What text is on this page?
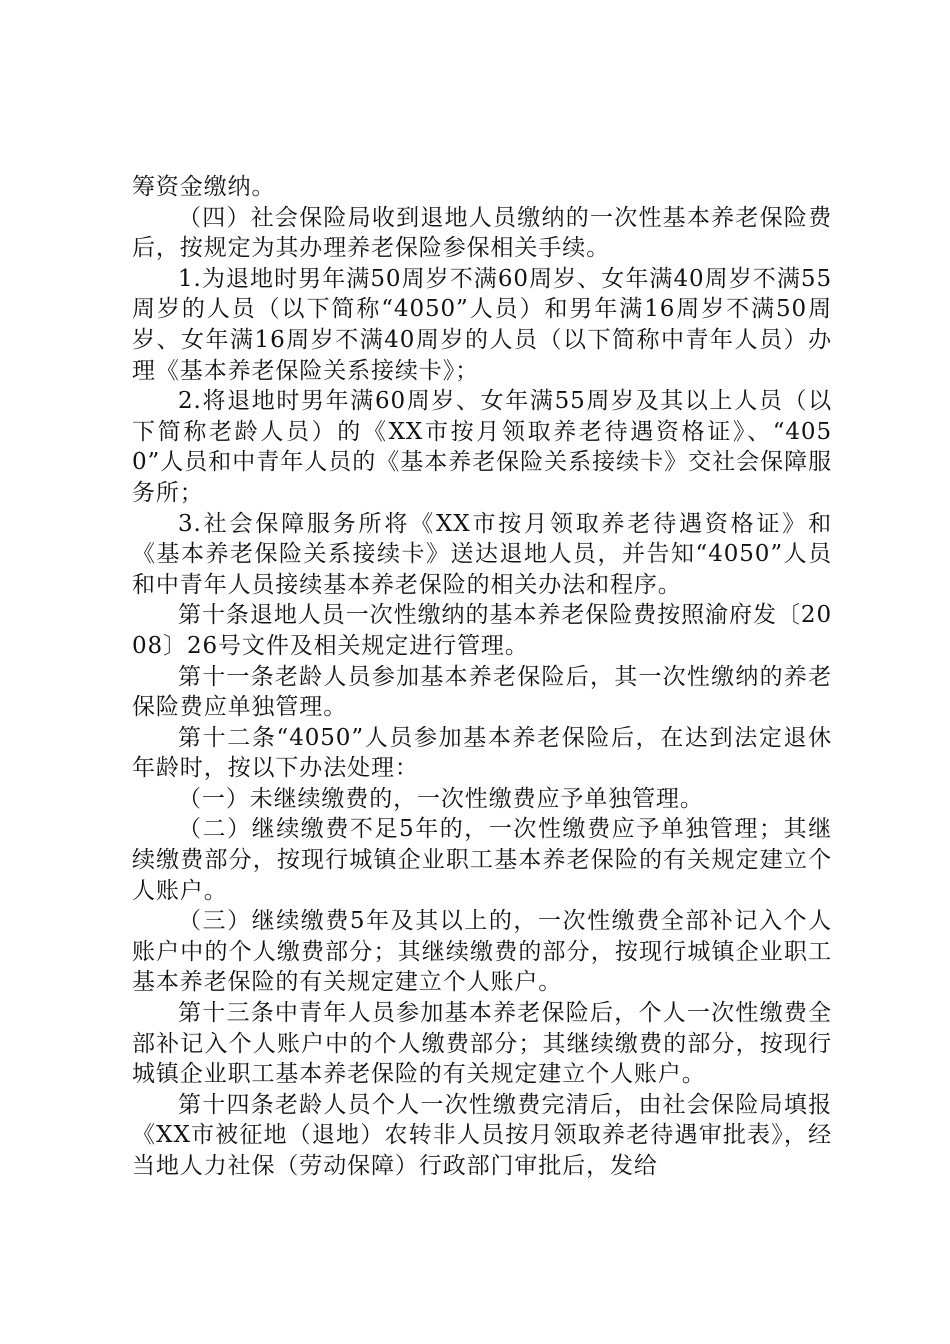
筹资金缴纳。

（四）社会保险局收到退地人员缴纳的一次性基本养老保险费后，按规定为其办理养老保险参保相关手续。

1.为退地时男年满50周岁不满60周岁、女年满40周岁不满55周岁的人员（以下简称“4050”人员）和男年满16周岁不满50周岁、女年满16周岁不满40周岁的人员（以下简称中青年人员）办理《基本养老保险关系接续卡》；

2.将退地时男年满60周岁、女年满55周岁及其以上人员（以下简称老龄人员）的《XX市按月领取养老待遇资格证》、“4050”人员和中青年人员的《基本养老保险关系接续卡》交社会保障服务所；

3.社会保障服务所将《XX市按月领取养老待遇资格证》和《基本养老保险关系接续卡》送达退地人员，并告知“4050”人员和中青年人员接续基本养老保险的相关办法和程序。

第十条退地人员一次性缴纳的基本养老保险费按照渝府发〔2008〕26号文件及相关规定进行管理。

第十一条老龄人员参加基本养老保险后，其一次性缴纳的养老保险费应单独管理。

第十二条“4050”人员参加基本养老保险后，在达到法定退休年龄时，按以下办法处理：

（一）未继续缴费的，一次性缴费应予单独管理。

（二）继续缴费不足5年的，一次性缴费应予单独管理；其继续缴费部分，按现行城镇企业职工基本养老保险的有关规定建立个人账户。

（三）继续缴费5年及其以上的，一次性缴费全部补记入个人账户中的个人缴费部分；其继续缴费的部分，按现行城镇企业职工基本养老保险的有关规定建立个人账户。

第十三条中青年人员参加基本养老保险后，个人一次性缴费全部补记入个人账户中的个人缴费部分；其继续缴费的部分，按现行城镇企业职工基本养老保险的有关规定建立个人账户。

第十四条老龄人员个人一次性缴费完清后，由社会保险局填报《XX市被征地（退地）农转非人员按月领取养老待遇审批表》，经当地人力社保（劳动保障）行政部门审批后，发给
